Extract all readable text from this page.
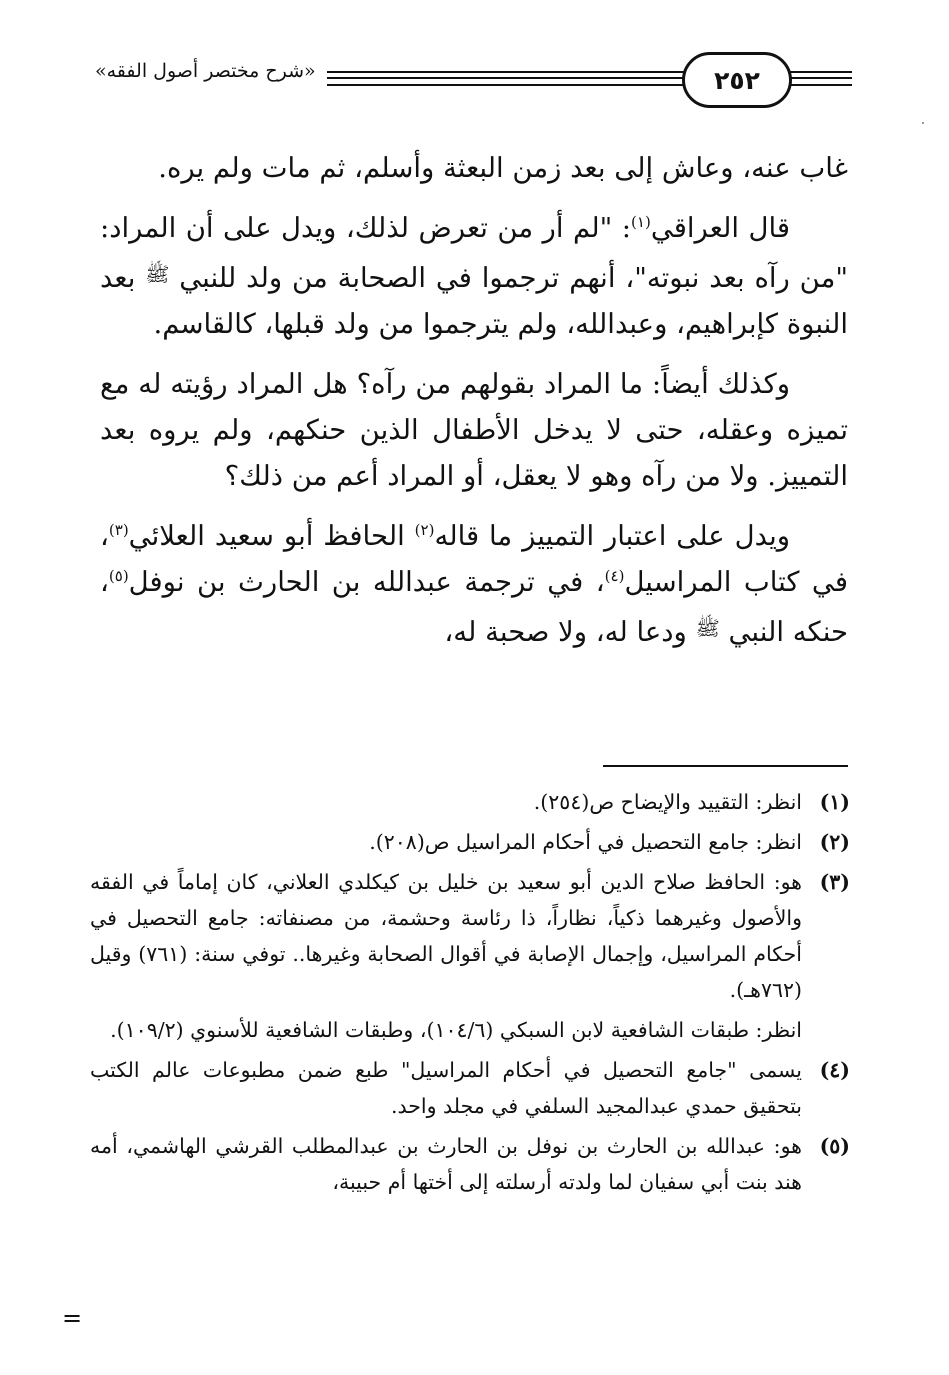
«شرح مختصر أصول الفقه»	٢٥٢

غاب عنه، وعاش إلى بعد زمن البعثة وأسلم، ثم مات ولم يره.

قال العراقي$^{(١)}$: "لم أر من تعرض لذلك، ويدل على أن المراد: "من رآه بعد نبوته"، أنهم ترجموا في الصحابة من ولد للنبي $^ﷺ$ بعد النبوة كإبراهيم، وعبدالله، ولم يترجموا من ولد قبلها، كالقاسم.

وكذلك أيضاً: ما المراد بقولهم من رآه؟ هل المراد رؤيته له مع تميزه وعقله، حتى لا يدخل الأطفال الذين حنكهم، ولم يروه بعد التمييز. ولا من رآه وهو لا يعقل، أو المراد أعم من ذلك؟

ويدل على اعتبار التمييز ما قاله$^{(٢)}$ الحافظ أبو سعيد العلائي$^{(٣)}$، في كتاب المراسيل$^{(٤)}$، في ترجمة عبدالله بن الحارث بن نوفل$^{(٥)}$، حنكه النبي $^ﷺ$ ودعا له، ولا صحبة له،

(١)
انظر: التقييد والإيضاح ص(٢٥٤).
(٢)
انظر: جامع التحصيل في أحكام المراسيل ص(٢٠٨).
(٣)
هو: الحافظ صلاح الدين أبو سعيد بن خليل بن كيكلدي العلاني، كان إماماً في الفقه والأصول وغيرهما ذكياً، نظاراً، ذا رئاسة وحشمة، من مصنفاته: جامع التحصيل في أحكام المراسيل، وإجمال الإصابة في أقوال الصحابة وغيرها.. توفي سنة: (٧٦١) وقيل (٧٦٢هـ).
انظر: طبقات الشافعية لابن السبكي (١٠٤/٦)، وطبقات الشافعية للأسنوي (١٠٩/٢).
(٤)
يسمى "جامع التحصيل في أحكام المراسيل" طبع ضمن مطبوعات عالم الكتب بتحقيق حمدي عبدالمجيد السلفي في مجلد واحد.
(٥)
هو: عبدالله بن الحارث بن نوفل بن الحارث بن عبدالمطلب القرشي الهاشمي، أمه هند بنت أبي سفيان لما ولدته أرسلته إلى أختها أم حبيبة،
=
